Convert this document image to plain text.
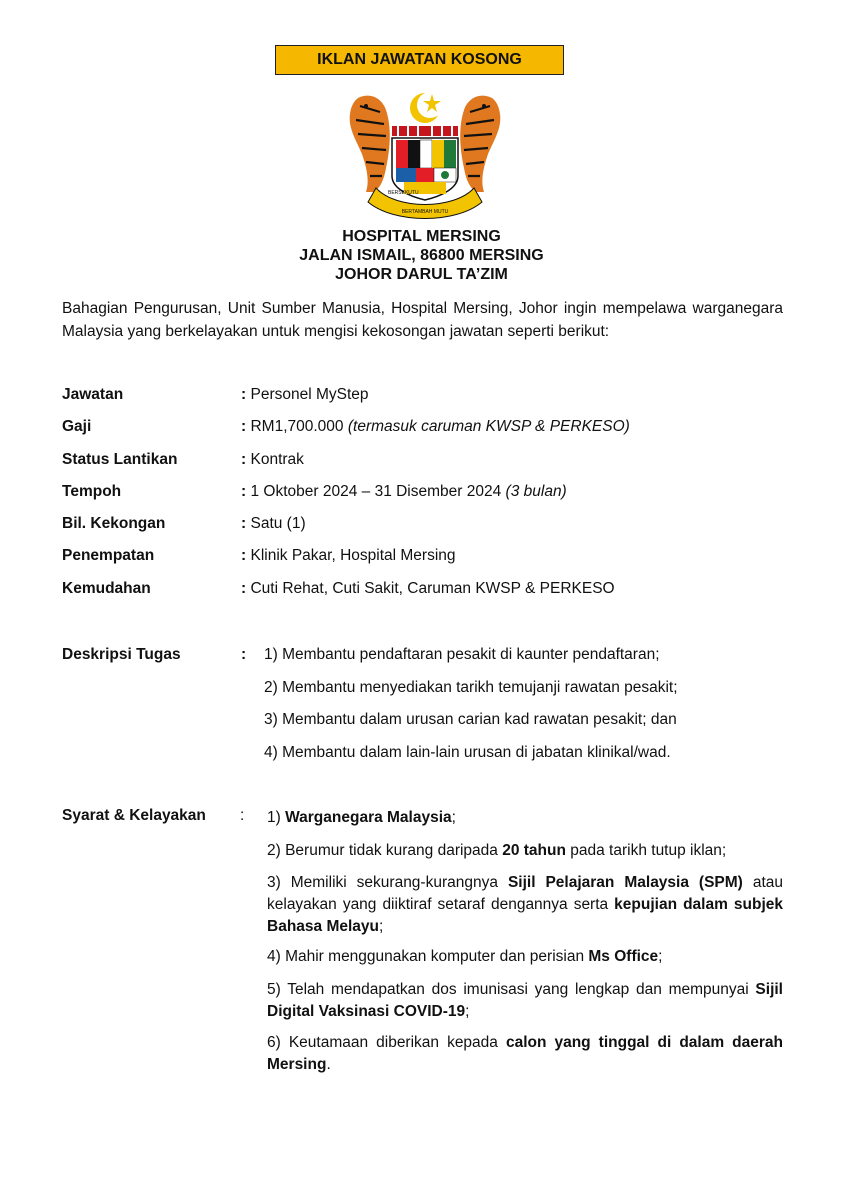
IKLAN JAWATAN KOSONG
BERSEKUTU
BERTAMBAH MUTU
HOSPITAL MERSING
JALAN ISMAIL, 86800 MERSING
JOHOR DARUL TA’ZIM
Bahagian Pengurusan, Unit Sumber Manusia, Hospital Mersing, Johor ingin mempelawa warganegara Malaysia yang berkelayakan untuk mengisi kekosongan jawatan seperti berikut:
Jawatan	: Personel MyStep
Gaji	: RM1,700.000 (termasuk caruman KWSP & PERKESO)
Status Lantikan	: Kontrak
Tempoh	: 1 Oktober 2024 – 31 Disember 2024 (3 bulan)
Bil. Kekongan	: Satu (1)
Penempatan	: Klinik Pakar, Hospital Mersing
Kemudahan	: Cuti Rehat, Cuti Sakit, Caruman KWSP & PERKESO
Deskripsi Tugas	: 1) Membantu pendaftaran pesakit di kaunter pendaftaran;
2) Membantu menyediakan tarikh temujanji rawatan pesakit;
3) Membantu dalam urusan carian kad rawatan pesakit; dan
4) Membantu dalam lain-lain urusan di jabatan klinikal/wad.
Syarat & Kelayakan : 1) Warganegara Malaysia;
2) Berumur tidak kurang daripada 20 tahun pada tarikh tutup iklan;
3) Memiliki sekurang-kurangnya Sijil Pelajaran Malaysia (SPM) atau kelayakan yang diiktiraf setaraf dengannya serta kepujian dalam subjek Bahasa Melayu;
4) Mahir menggunakan komputer dan perisian Ms Office;
5) Telah mendapatkan dos imunisasi yang lengkap dan mempunyai Sijil Digital Vaksinasi COVID-19;
6) Keutamaan diberikan kepada calon yang tinggal di dalam daerah Mersing.
